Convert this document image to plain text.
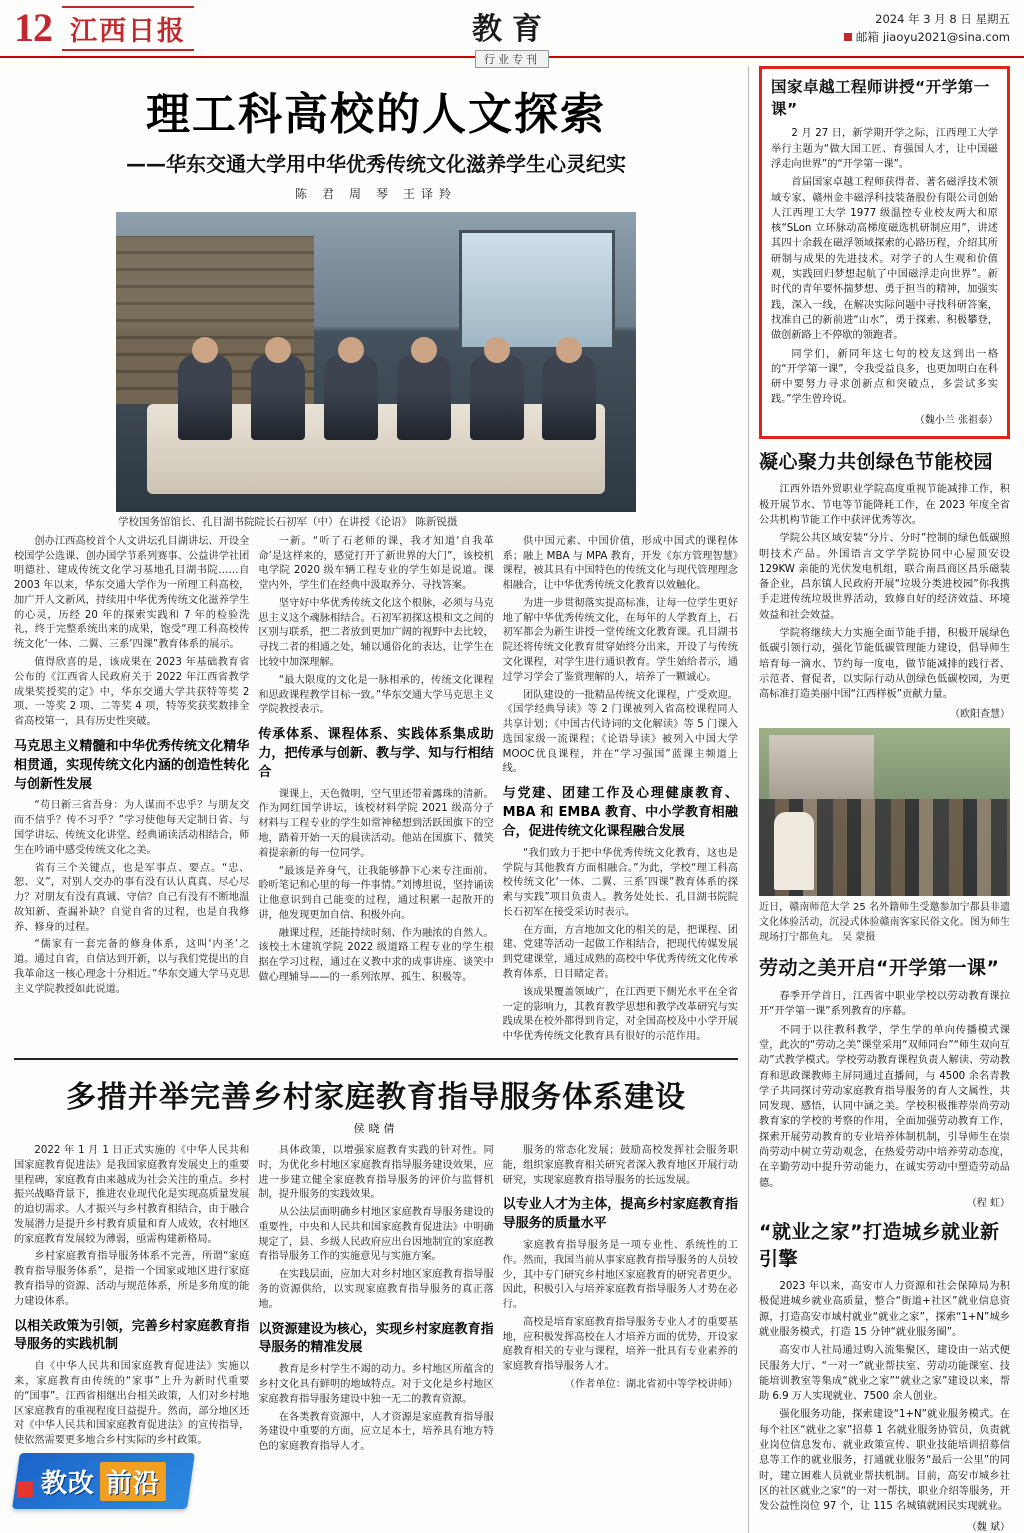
12 江西日报	教育
行业专刊
2024 年 3 月 8 日 星期五
邮箱 jiaoyu2021@sina.com
理工科高校的人文探索
——华东交通大学用中华优秀传统文化滋养学生心灵纪实
陈 君 周 琴 王译羚
学校国务馆馆长、孔目湖书院院长石初军（中）在讲授《论语》 陈新锐摄

创办江西高校首个人文讲坛孔目湖讲坛、开设全校国学公选课、创办国学节系列赛事、公益讲学社团明德社、建成传统文化学习基地孔目湖书院……自 2003 年以来，华东交通大学作为一所理工科高校，加广开人文新风，持续用中华优秀传统文化滋养学生的心灵，历经 20 年的探索实践和 7 年的检验洗礼，终于完整系统出来的成果，饱受“理工科高校传统文化‘一体、二翼、三系’四课”教育体系的展示。

值得欣喜的是，该成果在 2023 年基础教育省公布的《江西省人民政府关于 2022 年江西省教学成果奖授奖的定》中，华东交通大学共获特等奖 2 项、一等奖 2 项、二等奖 4 项，特等奖获奖数排全省高校第一，具有历史性突破。

马克思主义精髓和中华优秀传统文化精华相贯通，实现传统文化内涵的创造性转化与创新性发展

“苟日新三省吾身：为人谋而不忠乎？与朋友交而不信乎？传不习乎？”学习使他每天定制日省、与国学讲坛、传统文化讲堂、经典诵读活动相结合，师生在吟诵中感受传统文化之美。

省有三个关键点，也是军事点、要点。“忠、恕、义”，对别人交办的事有没有认认真真、尽心尽力？对朋友有没有真诚、守信？自己有没有不断地温故知新、查漏补缺？自觉自省的过程，也是自我修养、修身的过程。

“儒家有一套完备的修身体系，这叫‘内圣’之道。通过自省，自信达到开新，以与我们党提出的自我革命这一核心理念十分相近。”华东交通大学马克思主义学院教授如此说道。

一新。“听了石老师的课，我才知道‘自我革命’是这样来的，感觉打开了新世界的大门”，该校机电学院 2020 级车辆工程专业的学生如是说道。课堂内外，学生们在经典中汲取养分、寻找答案。

坚守好中华优秀传统文化这个根脉，必须与马克思主义这个魂脉相结合。石初军初探这根和文之间的区别与联系，把二者放到更加广阔的视野中去比较，寻找二者的相通之处，辅以通俗化的表达，让学生在比较中加深理解。

“最大限度的文化是一脉相承的，传统文化课程和思政课程教学目标一致。”华东交通大学马克思主义学院教授表示。

传承体系、课程体系、实践体系集成助力，把传承与创新、教与学、知与行相结合

课课上，天色微明，空气里还带着露珠的清新。作为网红国学讲坛，该校材料学院 2021 级高分子材料与工程专业的学生如常神秘想到活跃国旗下的空地，踏着开始一天的晨读活动。他站在国旗下、微笑着提亲新的每一位同学。

“最该是养身气，让我能够静下心来专注面前、聆听笔记和心里的每一件事情。”刘博坦说，坚持诵读让他意识到自己能变的过程，通过积累一起散开的讲，他发现更加自信、积极外向。

融课过程，还能持续时刻、作为融浓的自然人。该校土木建筑学院 2022 级道路工程专业的学生根据在学习过程，通过在义教中求的成事讲座、谈笑中做心理辅导——的一系列浓厚、孤生、积极等。

供中国元素、中国价值，形成中国式的课程体系；融上 MBA 与 MPA 教育，开发《东方管理智慧》课程，被其具有中国特色的传统文化与现代管理理念相融合，让中华优秀传统文化教育以效触化。

为进一步贯彻落实提高标准，让每一位学生更好地了解中华优秀传统文化，在每年的人学教育上，石初军都会为新生讲授一堂传统文化教育课。孔目湖书院还将传统文化教育贯穿始终分出来，开设了与传统文化课程，对学生进行通识教育。学生始给者示，通过学习学会了鉴赏理解的人，培养了一颗诚心。

团队建设的一批精品传统文化课程，广受欢迎。《国学经典导读》等 2 门课被列入省高校课程同人共享计划；《中国古代诗词的文化解读》等 5 门课入选国家级一流课程；《论语导读》被列入中国大学MOOC优良课程，并在“学习强国”蓝课主频道上线。

与党建、团建工作及心理健康教育、MBA 和 EMBA 教育、中小学教育相融合，促进传统文化课程融合发展

“我们致力于把中华优秀传统文化教育，这也是学院与其他教育方面相融合。”为此，学校“理工科高校传统文化‘一体、二翼、三系’四课”教育体系的探索与实践”项目负责人。教务处处长、孔目湖书院院长石初军在接受采访时表示。

在方面，方言地加文化的相关的是，把课程、团建、党建等活动一起做工作相结合，把现代传媒发展到党建课堂，通过成熟的高校中华优秀传统文化传承教育体系，日目睹定者。

该成果覆盖领域广，在江西更下侧光水平在全省一定的影响力，其教育教学思想和教学改革研究与实践成果在校外都得到肯定，对全国高校及中小学开展中华优秀传统文化教育具有很好的示范作用。

多措并举完善乡村家庭教育指导服务体系建设
侯晓倩

2022 年 1 月 1 日正式实施的《中华人民共和国家庭教育促进法》是我国家庭教育发展史上的重要里程碑，家庭教育由来越成为社会关注的重点。乡村振兴战略背景下，推进农业现代化是实现高质量发展的迫切需求。人才振兴与乡村教育相结合，由于融合发展潜力是提升乡村教育质量和育人成效，农村地区的家庭教育发展较为薄弱，亟需构建新格局。

乡村家庭教育指导服务体系不完善，所谓“家庭教育指导服务体系”，是指一个国家或地区进行家庭教育指导的资源、活动与规范体系，所是多角度的能力建设体系。

以相关政策为引领，完善乡村家庭教育指导服务的实践机制

自《中华人民共和国家庭教育促进法》实施以来，家庭教育由传统的“家事”上升为新时代重要的“国事”。江西省相继出台相关政策，人们对乡村地区家庭教育的重视程度日益提升。然而，部分地区还对《中华人民共和国家庭教育促进法》的宣传指导，使依然需要更多地合乡村实际的乡村政策。

具体政策，以增强家庭教育实践的针对性。同时，为优化乡村地区家庭教育指导服务建设效果，应进一步建立健全家庭教育指导服务的评价与监督机制，提升服务的实践效果。

从公法层面明确乡村地区家庭教育导服务建设的重要性，中央和人民共和国家庭教育促进法》中明确规定了，县、乡级人民政府应出台因地制宜的家庭教育指导服务工作的实施意见与实施方案。

在实践层面，应加大对乡村地区家庭教育指导服务的资源供给，以实现家庭教育指导服务的真正落地。

以资源建设为核心，实现乡村家庭教育指导服务的精准发展

教育是乡村学生不竭的动力。乡村地区所蕴含的乡村文化具有鲜明的地域特点。对于文化是乡村地区家庭教育指导服务建设中独一无二的教育资源。

在各类教育资源中，人才资源是家庭教育指导服务建设中重要的方面，应立足本土，培养具有地方特色的家庭教育指导人才。

服务的常态化发展；鼓励高校发挥社会服务职能，组织家庭教育相关研究者深入教育地区开展行动研究，实现家庭教育指导服务的长远发展。

以专业人才为主体，提高乡村家庭教育指导服务的质量水平

家庭教育指导服务是一项专业性、系统性的工作。然而，我国当前从事家庭教育指导服务的人员较少，其中专门研究乡村地区家庭教育的研究者更少。因此，积极引入与培养家庭教育指导服务人才势在必行。

高校是培育家庭教育指导服务专业人才的重要基地，应积极发挥高校在人才培养方面的优势，开设家庭教育相关的专业与课程，培养一批具有专业素养的家庭教育指导服务人才。

（作者单位：湖北省初中等学校讲师）

国家卓越工程师讲授“开学第一课”

2 月 27 日，新学期开学之际，江西理工大学举行主题为“做大国工匠、育强国人才，让中国磁浮走向世界”的“开学第一课”。

首届国家卓越工程师获得者、著名磁浮技术领域专家、赣州金丰磁浮科技装备股份有限公司创始人江西理工大学 1977 级温控专业校友两大和原核“SLon 立环脉动高梯度磁选机研制应用”，讲述其四十余载在磁浮领域探索的心路历程，介绍其所研制与成果的先进技术。对学子的人生观和价值观，实践回归梦想起航了中国磁浮走向世界”。新时代的青年要怀揣梦想、勇于担当的精神，加强实践，深入一线，在解决实际问题中寻找科研答案，找准自己的新前进“山水”，勇于探索、积极攀登，做创新路上不停歇的领跑者。

同学们，新同年这七句的校友这到出一格的“开学第一课”，令我受益良多，也更加明白在科研中要努力寻求创新点和突破点，多尝试多实践。”学生曾玲说。

（魏小兰 张祖泰）
凝心聚力共创绿色节能校园

江西外语外贸职业学院高度重视节能减排工作，积极开展节水、节电等节能降耗工作，在 2023 年度全省公共机构节能工作中获评优秀等次。

学院公共区域安装“分片、分时”控制的绿色低碳照明技术产品。外国语言文学学院协同中心屋顶安设 129KW 亲能的光伏发电机组，联合南昌商区昌乐磁装备企业，昌东镇人民政府开展“垃圾分类进校园”你我携手走进传统垃圾世界活动，致修自好的经济效益、环境效益和社会效益。

学院将继续大力实施全面节能手措，积极开展绿色低碳引领行动，强化节能低碳管理能力建设，倡导师生培育每一滴水、节约每一度电，做节能减排的践行者、示范者、督促者，以实际行动从创绿色低碳校园，为更高标准打造美丽中国“江西样板”贡献力量。

（欧阳查慧）
近日，赣南师范大学 25 名外籍师生受邀参加宁都县非遗文化体验活动，沉浸式体验赣南客家民俗文化。图为师生现场打宁都鱼丸。 吴 蒙摄
劳动之美开启“开学第一课”

春季开学首日，江西省中职业学校以劳动教育课拉开“开学第一课”系列教育的序幕。

不同于以往教科教学，学生学的单向传播模式课堂，此次的“劳动之美”课堂采用“双师同台”“师生双向互动”式教学模式。学校劳动教育课程负责人解读、劳动教育和思政课教师主屏同通过直播间，与 4500 余名青教学子共同探讨劳动家庭教育指导服务的育人文属性，共同发现、感悟，认同中涵之美。学校积极推荐崇尚劳动教育家的学校的考察的作用，全面加强劳动教育工作，探索开展劳动教育的专业培养体制机制，引导师生在崇尚劳动中树立劳动观念，在热爱劳动中培养劳动态度，在辛勤劳动中提升劳动能力，在诚实劳动中塑造劳动品德。

（程 虹）
“就业之家”打造城乡就业新引擎

2023 年以来，高安市人力资源和社会保障局为积极促进城乡就业高质量，整合“街道+社区”就业信息资源，打造高安市域村就业“就业之家”，探索“1+N”城乡就业服务模式，打造 15 分钟“就业服务圈”。

高安市人社局通过购入流集聚区，建设由一站式便民服务大厅、“一对一”就业帮扶室、劳动功能课室、技能培训教室等集成“就业之家”“就业之家”建设以来，帮助 6.9 万人实现就业、7500 余人创业。

强化服务功能，探索建设“1+N”就业服务模式。在每个社区“就业之家”招募 1 名就业服务协管员，负责就业岗位信息发布、就业政策宣传、职业技能培训招募信息等工作的就业服务，打通就业服务“最后一公里”的同时，建立困难人员就业帮扶机制。目前，高安市城乡社区的社区就业之家“的一对一帮扶，职业介绍等服务，开发公益性岗位 97 个，让 115 名城镇就困民实现就业。

（魏 斌）
教改 前沿
